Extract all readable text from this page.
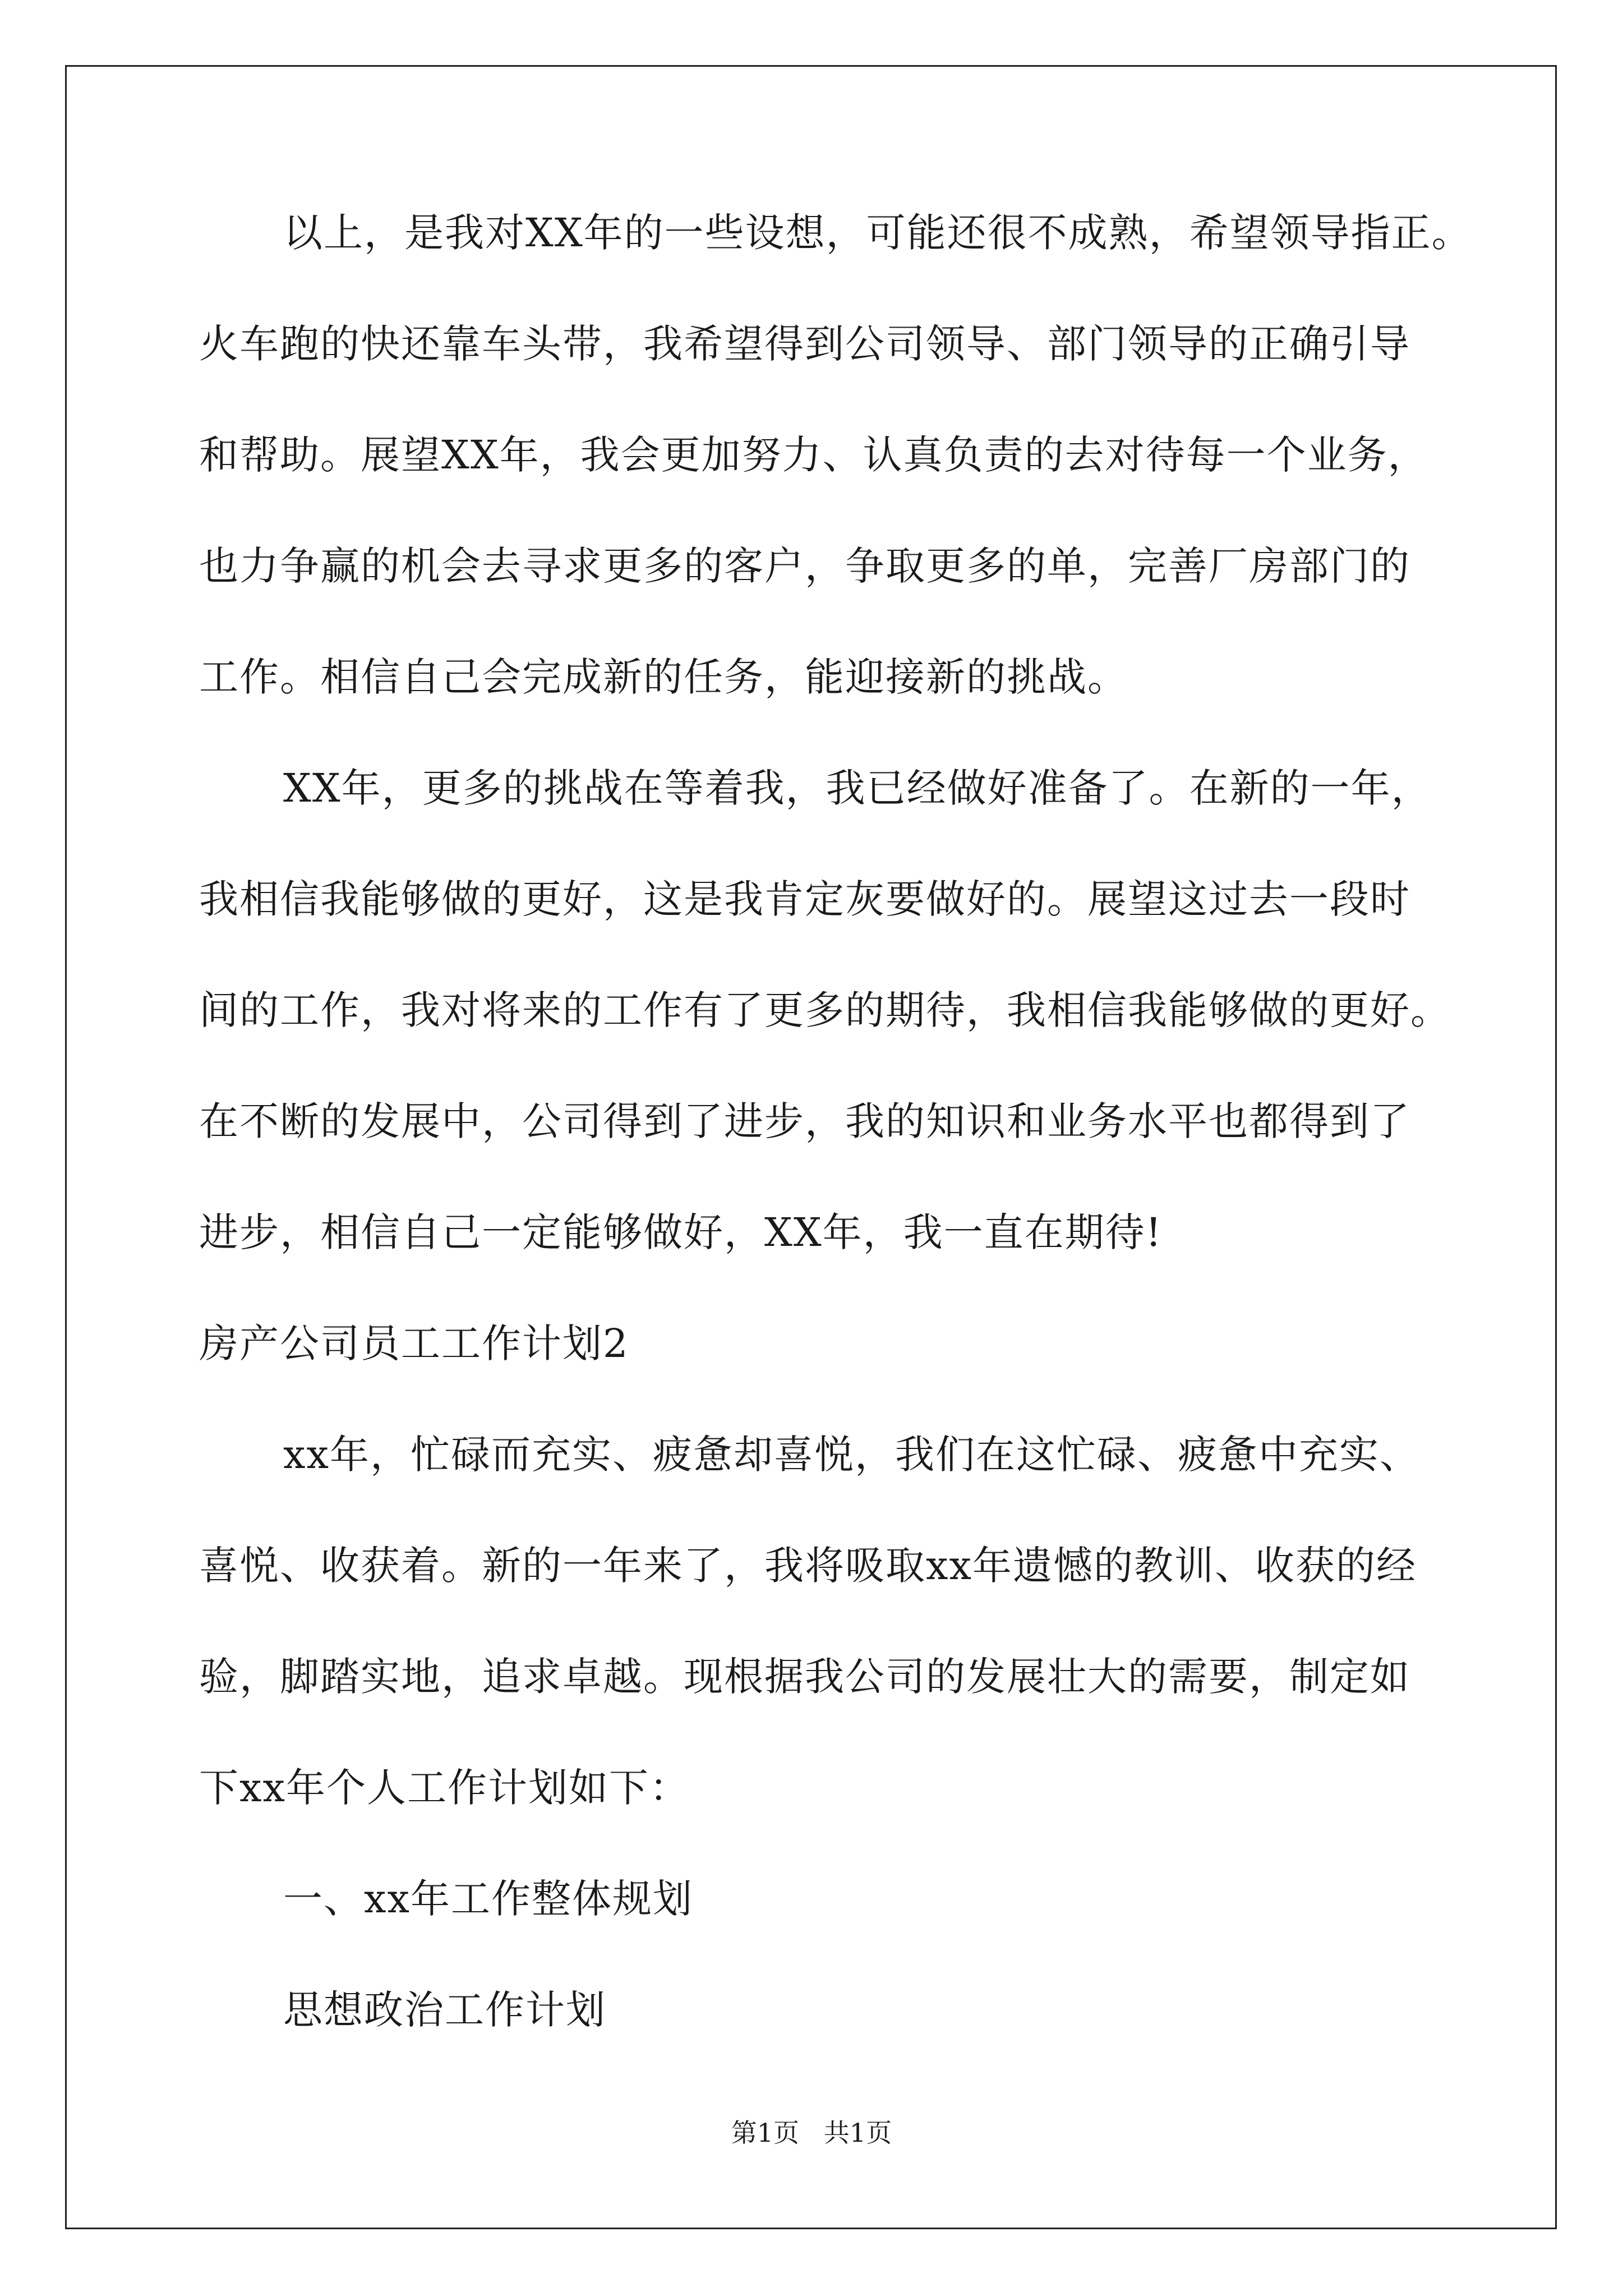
以上，是我对XX年的一些设想，可能还很不成熟，希望领导指正。
火车跑的快还靠车头带，我希望得到公司领导、部门领导的正确引导
和帮助。展望XX年，我会更加努力、认真负责的去对待每一个业务，
也力争赢的机会去寻求更多的客户，争取更多的单，完善厂房部门的
工作。相信自己会完成新的任务，能迎接新的挑战。
XX年，更多的挑战在等着我，我已经做好准备了。在新的一年，
我相信我能够做的更好，这是我肯定灰要做好的。展望这过去一段时
间的工作，我对将来的工作有了更多的期待，我相信我能够做的更好。
在不断的发展中，公司得到了进步，我的知识和业务水平也都得到了
进步，相信自己一定能够做好，XX年，我一直在期待!
房产公司员工工作计划2
xx年，忙碌而充实、疲惫却喜悦，我们在这忙碌、疲惫中充实、
喜悦、收获着。新的一年来了，我将吸取xx年遗憾的教训、收获的经
验，脚踏实地，追求卓越。现根据我公司的发展壮大的需要，制定如
下xx年个人工作计划如下：
一、xx年工作整体规划
思想政治工作计划
第1页   共1页
